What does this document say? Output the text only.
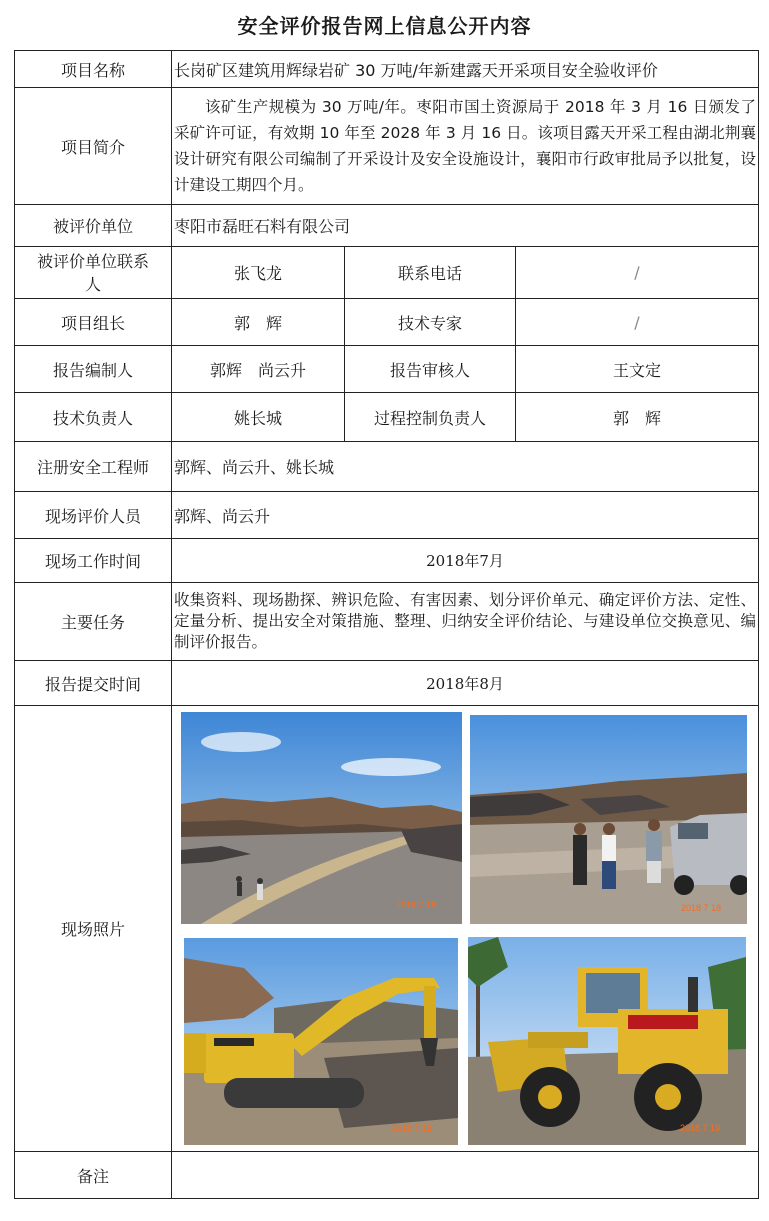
安全评价报告网上信息公开内容
项目名称	长岗矿区建筑用辉绿岩矿 30 万吨/年新建露天开采项目安全验收评价		
项目简介	该矿生产规模为 30 万吨/年。枣阳市国土资源局于 2018 年 3 月 16 日颁发了采矿许可证，有效期 10 年至 2028 年 3 月 16 日。该项目露天开采工程由湖北荆襄设计研究有限公司编制了开采设计及安全设施设计，襄阳市行政审批局予以批复，设计建设工期四个月。		

被评价单位	枣阳市磊旺石料有限公司		
被评价单位联系人	张飞龙	联系电话	/
项目组长	郭　辉	技术专家	/
报告编制人	郭辉　尚云升	报告审核人	王文定
技术负责人	姚长城	过程控制负责人	郭　辉
注册安全工程师	郭辉、尚云升、姚长城		
现场评价人员	郭辉、尚云升		
现场工作时间	2018年7月		
主要任务	收集资料、现场勘探、辨识危险、有害因素、划分评价单元、确定评价方法、定性、定量分析、提出安全对策措施、整理、归纳安全评价结论、与建设单位交换意见、编制评价报告。		
报告提交时间	2018年8月		
现场照片	2018 7 18 2018 7 18
2018 7 18 2018 7 19		

备注			
